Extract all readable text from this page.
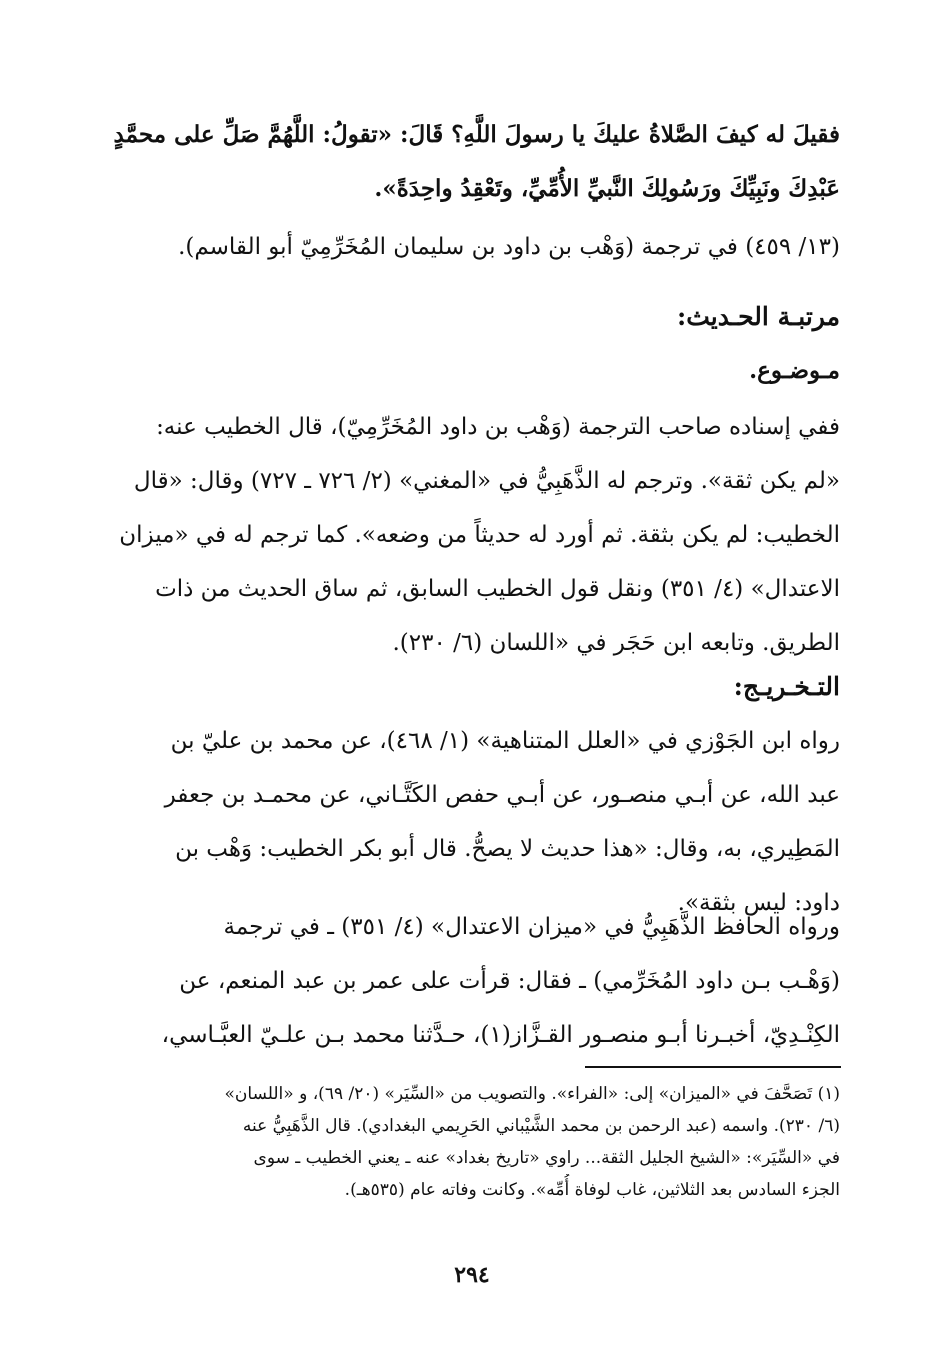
فقيلَ له كيفَ الصَّلاةُ عليكَ يا رسولَ اللَّهِ؟ قَالَ: «تقولُ: اللَّهُمَّ صَلِّ على محمَّدٍ
عَبْدِكَ ونَبِيِّكَ ورَسُولِكَ النَّبيِّ الأُمِّيِّ، وتَعْقِدُ واحِدَةً».
(١٣/ ٤٥٩) في ترجمة (وَهْب بن داود بن سليمان المُخَرِّمِيّ أبو القاسم).
مرتبـة الحـديث:
مـوضـوع.
ففي إسناده صاحب الترجمة (وَهْب بن داود المُخَرِّمِيّ)، قال الخطيب عنه:
«لم يكن ثقة». وترجم له الذَّهَبِيُّ في «المغني» (٢/ ٧٢٦ ـ ٧٢٧) وقال: «قال
الخطيب: لم يكن بثقة. ثم أورد له حديثاً من وضعه». كما ترجم له في «ميزان
الاعتدال» (٤/ ٣٥١) ونقل قول الخطيب السابق، ثم ساق الحديث من ذات
الطريق. وتابعه ابن حَجَر في «اللسان (٦/ ٢٣٠).
التـخـريـج:
رواه ابن الجَوْزي في «العلل المتناهية» (١/ ٤٦٨)، عن محمد بن عليّ بن
عبد الله، عن أبـي منصـور، عن أبـي حفص الكَتَّـاني، عن محمـد بن جعفر
المَطِيري، به، وقال: «هذا حديث لا يصحُّ. قال أبو بكر الخطيب: وَهْب بن
داود: ليس بثقة».
ورواه الحافظ الذَّهَبِيُّ في «ميزان الاعتدال» (٤/ ٣٥١) ـ في ترجمة
(وَهْـب بـن داود المُخَرِّمي) ـ فقال: قرأت على عمر بن عبد المنعم، عن
الكِنْـدِيّ، أخبـرنا أبـو منصـور القـزَّاز(١)، حـدَّثنا محمد بـن علـيّ العبَّـاسي،
(١) تَصَحَّفَ في «الميزان» إلى: «الفراء». والتصويب من «السِّيَر» (٢٠/ ٦٩)، و «اللسان»
(٦/ ٢٣٠). واسمه (عبد الرحمن بن محمد الشَّيْباني الحَرِيمي البغدادي). قال الذَّهَبِيُّ عنه
في «السِّيَر»: «الشيخ الجليل الثقة... راوي «تاريخ بغداد» عنه ـ يعني الخطيب ـ سوى
الجزء السادس بعد الثلاثين، غاب لوفاة أُمِّه». وكانت وفاته عام (٥٣٥هـ).
٢٩٤
